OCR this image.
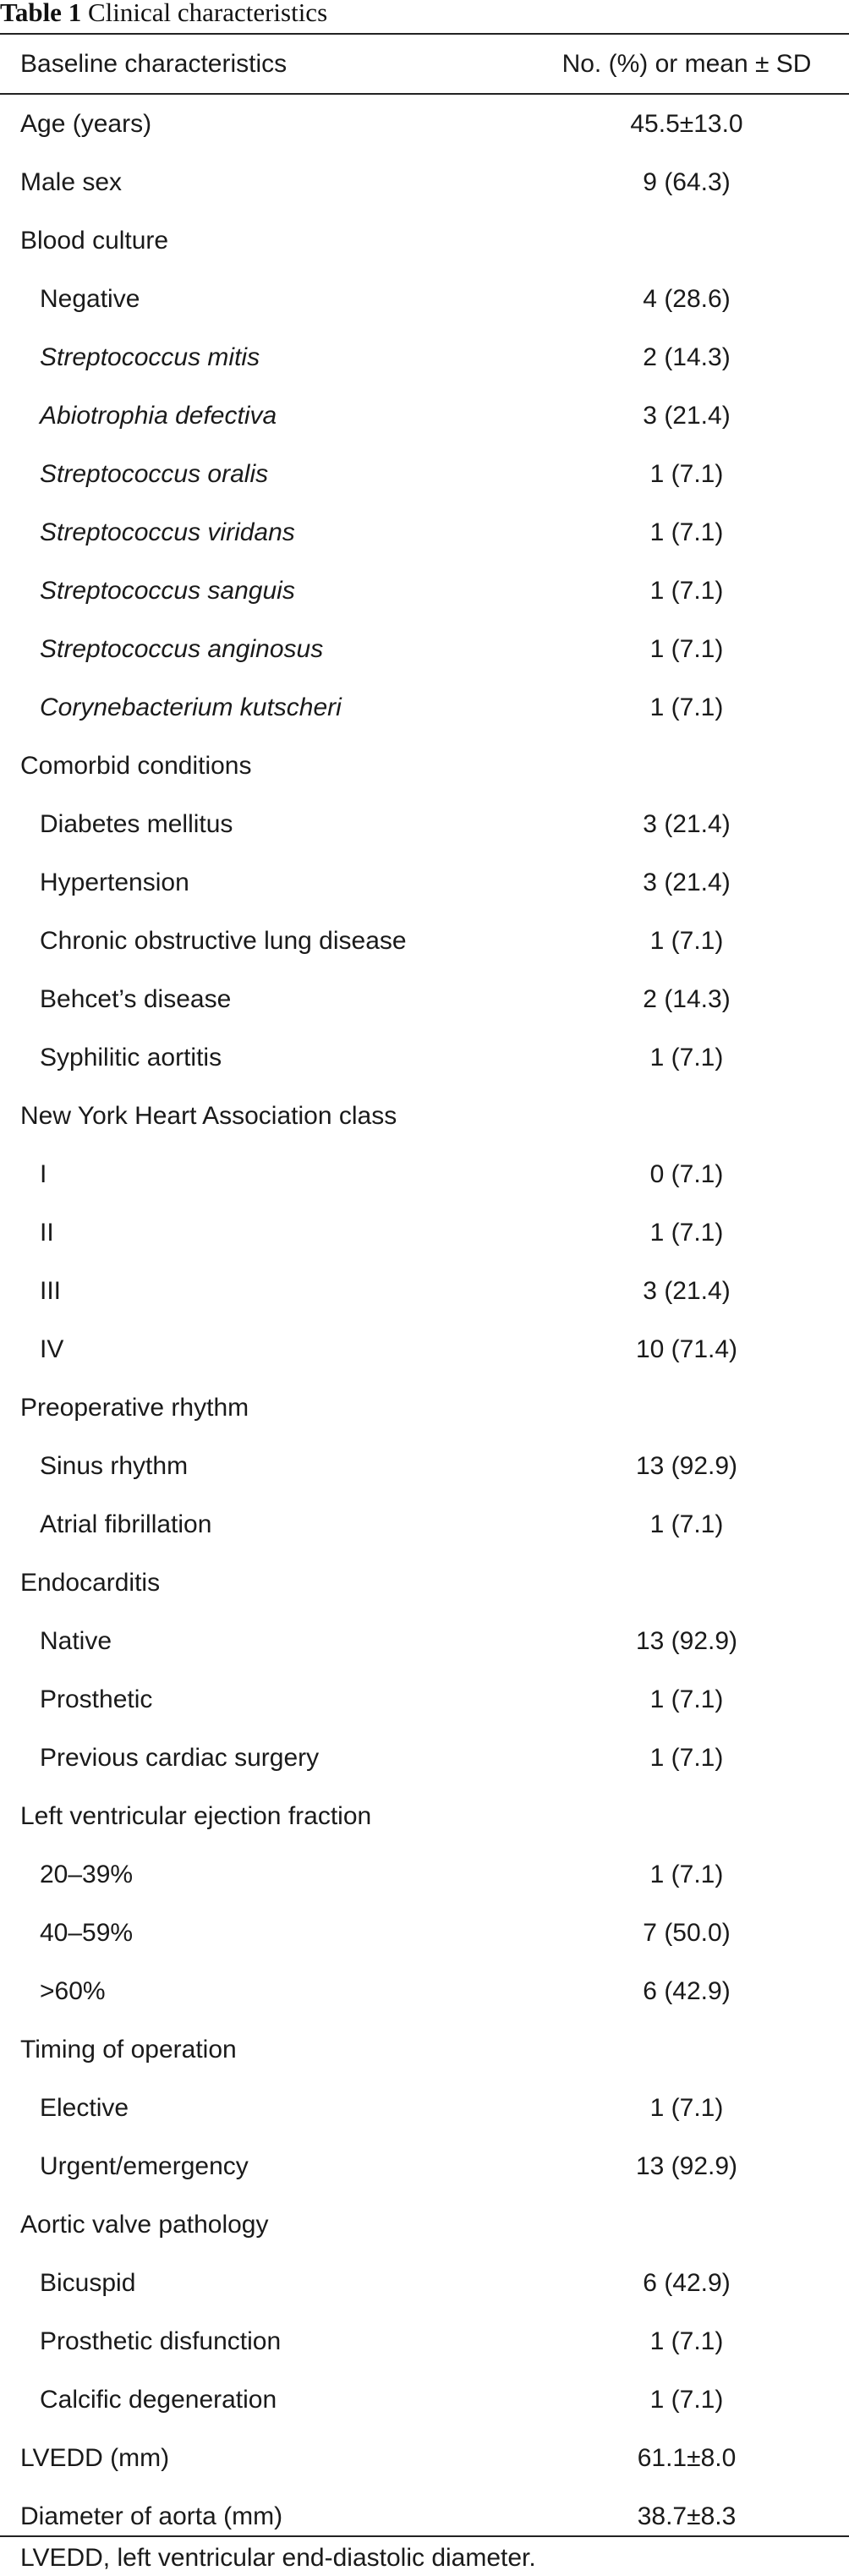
Table 1 Clinical characteristics
Baseline characteristics	No. (%) or mean ± SD
Age (years)	45.5±13.0
Male sex	9 (64.3)
Blood culture
Negative	4 (28.6)
Streptococcus mitis	2 (14.3)
Abiotrophia defectiva	3 (21.4)
Streptococcus oralis	1 (7.1)
Streptococcus viridans	1 (7.1)
Streptococcus sanguis	1 (7.1)
Streptococcus anginosus	1 (7.1)
Corynebacterium kutscheri	1 (7.1)
Comorbid conditions
Diabetes mellitus	3 (21.4)
Hypertension	3 (21.4)
Chronic obstructive lung disease	1 (7.1)
Behcet’s disease	2 (14.3)
Syphilitic aortitis	1 (7.1)
New York Heart Association class
I	0 (7.1)
II	1 (7.1)
III	3 (21.4)
IV	10 (71.4)
Preoperative rhythm
Sinus rhythm	13 (92.9)
Atrial fibrillation	1 (7.1)
Endocarditis
Native	13 (92.9)
Prosthetic	1 (7.1)
Previous cardiac surgery	1 (7.1)
Left ventricular ejection fraction
20–39%	1 (7.1)
40–59%	7 (50.0)
>60%	6 (42.9)
Timing of operation
Elective	1 (7.1)
Urgent/emergency	13 (92.9)
Aortic valve pathology
Bicuspid	6 (42.9)
Prosthetic disfunction	1 (7.1)
Calcific degeneration	1 (7.1)
LVEDD (mm)	61.1±8.0
Diameter of aorta (mm)	38.7±8.3
LVEDD, left ventricular end-diastolic diameter.
